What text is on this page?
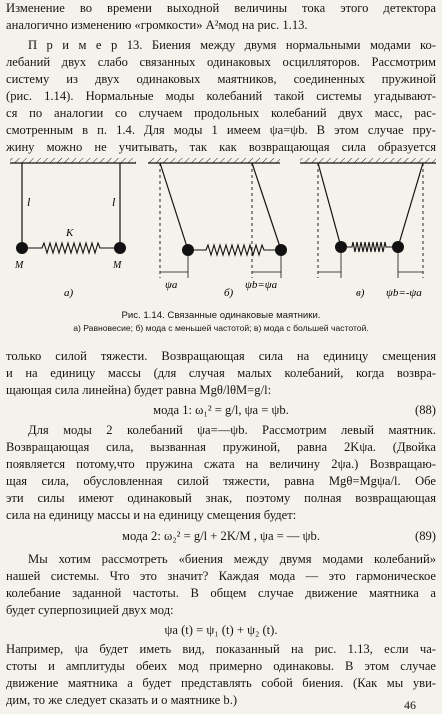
Изменение во времени выходной величины тока этого детектора
аналогично изменению «громкости» A²мод на рис. 1.13.
П р и м е р 13. Биения между двумя нормальными модами ко-
лебаний двух слабо связанных одинаковых осцилляторов. Рассмотрим
систему из двух одинаковых маятников, соединенных пружиной
(рис. 1.14). Нормальные моды колебаний такой системы угадывают-
ся по аналогии со случаем продольных колебаний двух масс, рас-
смотренным в п. 1.4. Для моды 1 имеем ψa=ψb. В этом случае пру-
жину можно не учитывать, так как возвращающая сила образуется
l	l
K
M	M
а)
ψa	ψb=ψa
б)	в) ψb=-ψa
Рис. 1.14. Связанные одинаковые маятники.
а) Равновесие; б) мода с меньшей частотой; в) мода с большей частотой.
только силой тяжести. Возвращающая сила на единицу смещения
и на единицу массы (для случая малых колебаний, когда возвра-
щающая сила линейна) будет равна Mgθ/lθM=g/l:
мода 1: ω₁² = g/l, ψa = ψb.	(88)
Для моды 2 колебаний ψa=—ψb. Рассмотрим левый маятник.
Возвращающая сила, вызванная пружиной, равна 2Kψa. (Двойка
появляется потому,что пружина сжата на величину 2ψa.) Возвращаю-
щая сила, обусловленная силой тяжести, равна Mgθ=Mgψa/l. Обе
эти силы имеют одинаковый знак, поэтому полная возвращающая
сила на единицу массы и на единицу смещения будет:
мода 2: ω₂² = g/l + 2K/M , ψa = — ψb.	(89)
Мы хотим рассмотреть «биения между двумя модами колебаний»
нашей системы. Что это значит? Каждая мода — это гармоническое
колебание заданной частоты. В общем случае движение маятника a
будет суперпозицией двух мод:
ψa (t) = ψ₁ (t) + ψ₂ (t).
Например, ψa будет иметь вид, показанный на рис. 1.13, если ча-
стоты и амплитуды обеих мод примерно одинаковы. В этом случае
движение маятника a будет представлять собой биения. (Как мы уви-
дим, то же следует сказать и о маятнике b.)	46
